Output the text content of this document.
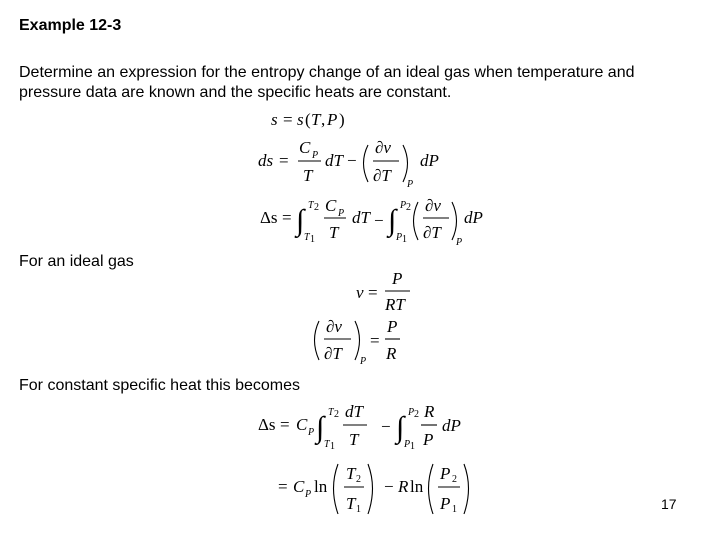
Example 12-3
Determine an expression for the entropy change of an ideal gas when temperature and pressure data are known and the specific heats are constant.
s = s ( T , P )
ds =
C P
T
dT −
∂v
∂T P
dP
Δs = ∫ T 2
T 1
C P
T
dT − ∫ P 2
P 1
∂v
∂T
P
dP
For an ideal gas
v =
P
RT
∂v
∂T P
=
P
R
For constant specific heat this becomes
Δs = C P ∫ T 2
T 1
dT
T
− ∫ P 2
P 1
R
P
dP
= C P ln
T 2
T 1
− R ln
P 2
P 1	17
